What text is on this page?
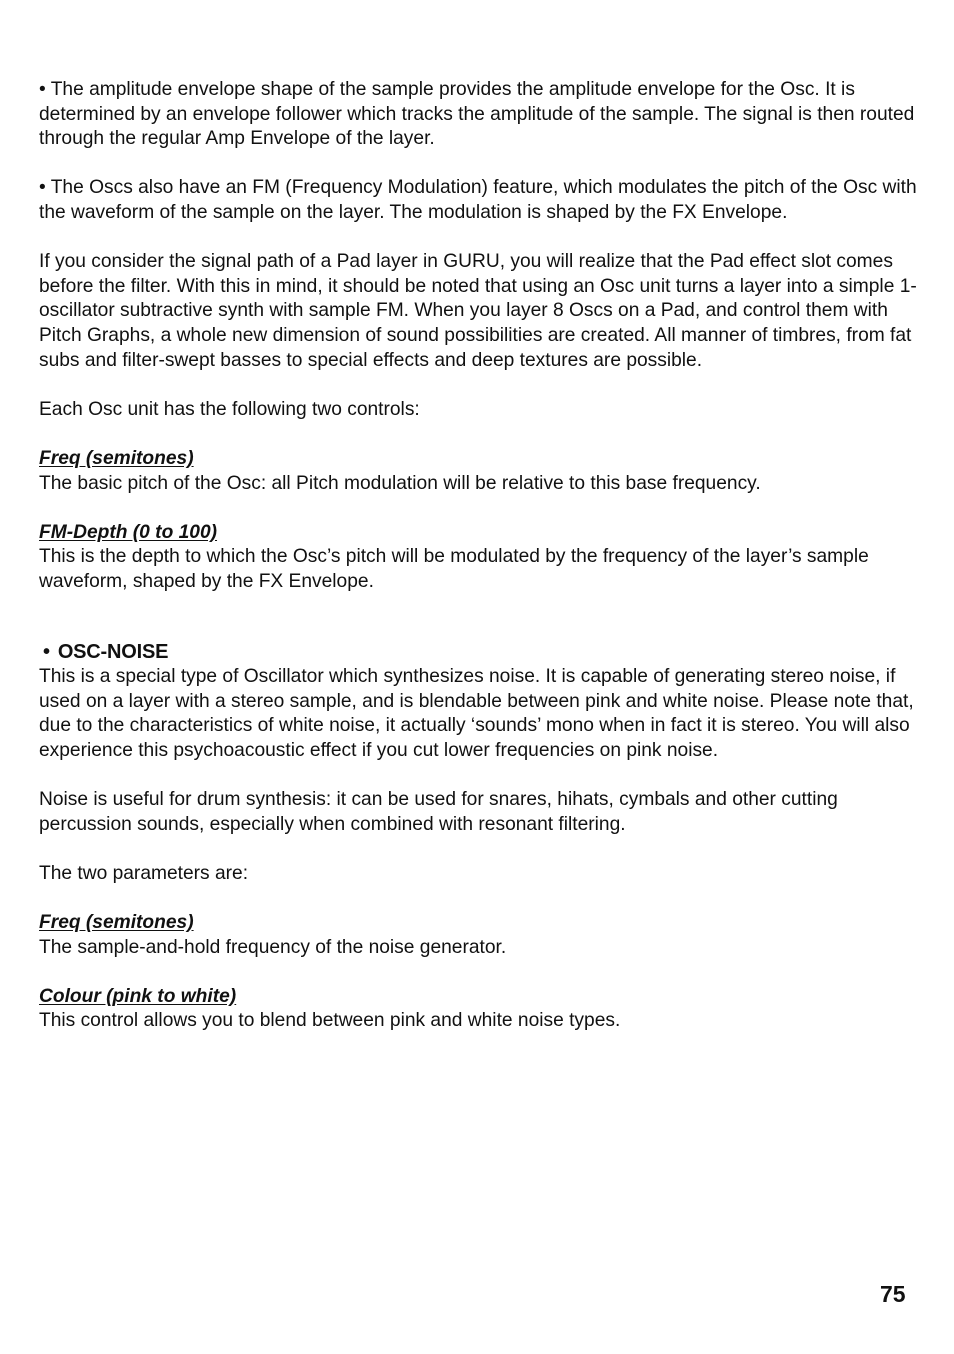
• The amplitude envelope shape of the sample provides the amplitude envelope for the Osc. It is determined by an envelope follower which tracks the amplitude of the sample. The signal is then routed through the regular Amp Envelope of the layer.

• The Oscs also have an FM (Frequency Modulation) feature, which modulates the pitch of the Osc with the waveform of the sample on the layer. The modulation is shaped by the FX Envelope.

If you consider the signal path of a Pad layer in GURU, you will realize that the Pad effect slot comes before the filter. With this in mind, it should be noted that using an Osc unit turns a layer into a simple 1-oscillator subtractive synth with sample FM. When you layer 8 Oscs on a Pad, and control them with Pitch Graphs, a whole new dimension of sound possibilities are created. All manner of timbres, from fat subs and filter-swept basses to special effects and deep textures are possible.

Each Osc unit has the following two controls:

Freq (semitones)

The basic pitch of the Osc: all Pitch modulation will be relative to this base frequency.

FM-Depth (0 to 100)

This is the depth to which the Osc’s pitch will be modulated by the frequency of the layer’s sample waveform, shaped by the FX Envelope.

• OSC-NOISE

This is a special type of Oscillator which synthesizes noise. It is capable of generating stereo noise, if used on a layer with a stereo sample, and is blendable between pink and white noise. Please note that, due to the characteristics of white noise, it actually ‘sounds’ mono when in fact it is stereo. You will also experience this psychoacoustic effect if you cut lower frequencies on pink noise.

Noise is useful for drum synthesis: it can be used for snares, hihats, cymbals and other cutting percussion sounds, especially when combined with resonant filtering.

The two parameters are:

Freq (semitones)

The sample-and-hold frequency of the noise generator.

Colour (pink to white)

This control allows you to blend between pink and white noise types.

75
